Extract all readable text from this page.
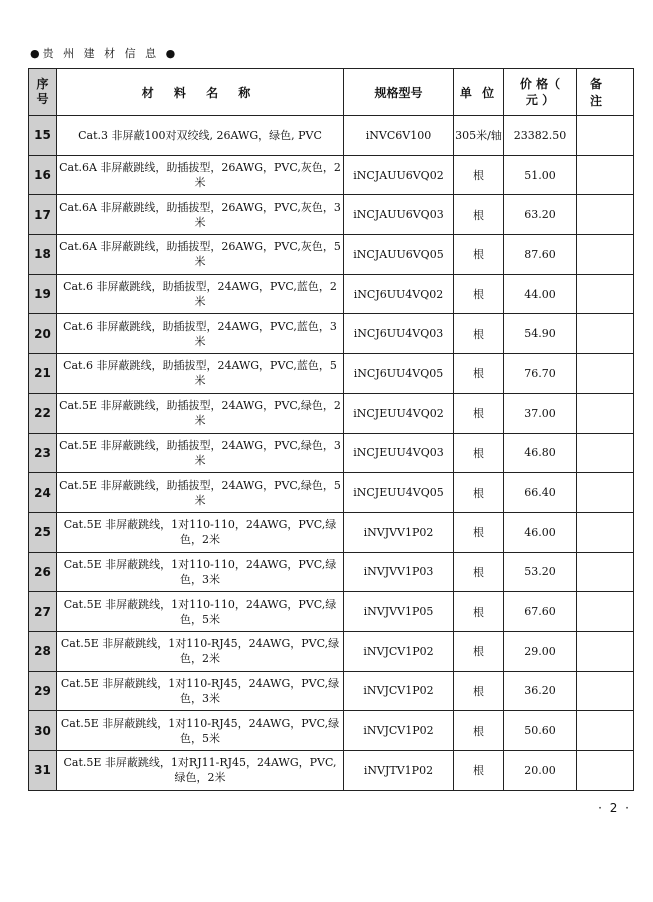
●贵 州 建 材 信 息 ●
序号	材 料 名 称	规格型号	单 位	价 格（ 元 ）	备 注
15	Cat.3 非屏蔽100对双绞线, 26AWG，绿色, PVC	iNVC6V100	305米/轴	23382.50	
16	Cat.6A 非屏蔽跳线，助插拔型，26AWG，PVC,灰色，2米	iNCJAUU6VQ02	根	51.00	
17	Cat.6A 非屏蔽跳线，助插拔型，26AWG，PVC,灰色，3米	iNCJAUU6VQ03	根	63.20	
18	Cat.6A 非屏蔽跳线，助插拔型，26AWG，PVC,灰色，5米	iNCJAUU6VQ05	根	87.60	
19	Cat.6 非屏蔽跳线，助插拔型，24AWG，PVC,蓝色，2米	iNCJ6UU4VQ02	根	44.00	
20	Cat.6 非屏蔽跳线，助插拔型，24AWG，PVC,蓝色，3米	iNCJ6UU4VQ03	根	54.90	
21	Cat.6 非屏蔽跳线，助插拔型，24AWG，PVC,蓝色，5米	iNCJ6UU4VQ05	根	76.70	
22	Cat.5E 非屏蔽跳线，助插拔型，24AWG，PVC,绿色，2米	iNCJEUU4VQ02	根	37.00	
23	Cat.5E 非屏蔽跳线，助插拔型，24AWG，PVC,绿色，3米	iNCJEUU4VQ03	根	46.80	
24	Cat.5E 非屏蔽跳线，助插拔型，24AWG，PVC,绿色，5米	iNCJEUU4VQ05	根	66.40	
25	Cat.5E 非屏蔽跳线，1对110-110，24AWG，PVC,绿色，2米	iNVJVV1P02	根	46.00	
26	Cat.5E 非屏蔽跳线，1对110-110，24AWG，PVC,绿色，3米	iNVJVV1P03	根	53.20	
27	Cat.5E 非屏蔽跳线，1对110-110，24AWG，PVC,绿色，5米	iNVJVV1P05	根	67.60	
28	Cat.5E 非屏蔽跳线，1对110-RJ45，24AWG，PVC,绿色，2米	iNVJCV1P02	根	29.00	
29	Cat.5E 非屏蔽跳线，1对110-RJ45，24AWG，PVC,绿色，3米	iNVJCV1P02	根	36.20	
30	Cat.5E 非屏蔽跳线，1对110-RJ45，24AWG，PVC,绿色，5米	iNVJCV1P02	根	50.60	
31	Cat.5E 非屏蔽跳线，1对RJ11-RJ45，24AWG，PVC,绿色，2米	iNVJTV1P02	根	20.00	
· 2 ·
